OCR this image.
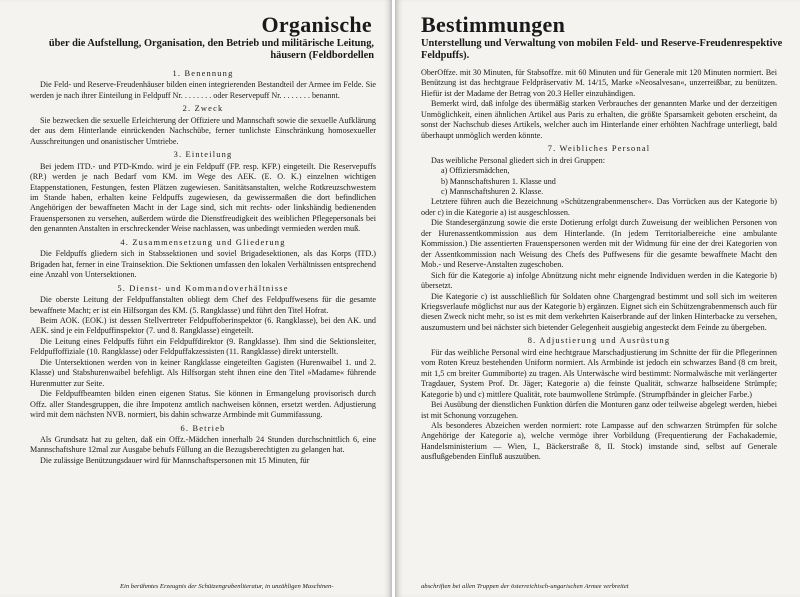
Organische
über die Aufstellung, Organisation, den Betrieb und militärische Leitung, häusern (Feldbordellen
1. Benennung

Die Feld- und Reserve-Freudenhäuser bilden einen integrierenden Bestandteil der Armee im Felde. Sie werden je nach ihrer Einteilung in Feldpuff Nr. . . . . . . . oder Reservepuff Nr. . . . . . . . benannt.

2. Zweck

Sie bezwecken die sexuelle Erleichterung der Offiziere und Mannschaft sowie die sexuelle Aufklärung der aus dem Hinterlande einrückenden Nachschübe, ferner tunlichste Einschränkung homosexueller Ausschreitungen und onanistischer Umtriebe.

3. Einteilung

Bei jedem ITD.- und PTD-Kmdo. wird je ein Feldpuff (FP. resp. KFP.) eingeteilt. Die Reservepuffs (RP.) werden je nach Bedarf vom KM. im Wege des AEK. (E. O. K.) einzelnen wichtigen Etappenstationen, Festungen, festen Plätzen zugewiesen. Sanitätsanstalten, welche Rotkreuzschwestern im Stande haben, erhalten keine Feldpuffs zugewiesen, da gewissermaßen die dort befindlichen Angehörigen der bewaffneten Macht in der Lage sind, sich mit rechts- oder linkshändig bedienenden Frauenspersonen zu versehen, außerdem würde die Dienstfreudigkeit des weiblichen Pflegepersonals bei den genannten Anstalten in erschreckender Weise nachlassen, was unbedingt vermieden werden muß.

4. Zusammensetzung und Gliederung

Die Feldpuffs gliedern sich in Stabssektionen und soviel Brigadesektionen, als das Korps (ITD.) Brigaden hat, ferner in eine Trainsektion. Die Sektionen umfassen den lokalen Verhältnissen entsprechend eine Anzahl von Untersektionen.

5. Dienst- und Kommandoverhältnisse

Die oberste Leitung der Feldpuffanstalten obliegt dem Chef des Feldpuffwesens für die gesamte bewaffnete Macht; er ist ein Hilfsorgan des KM. (5. Rangklasse) und führt den Titel Hofrat.

Beim AOK. (EOK.) ist dessen Stellvertreter Feldpuffoberinspektor (6. Rangklasse), bei den AK. und AEK. sind je ein Feldpuffinspektor (7. und 8. Rangklasse) eingeteilt.

Die Leitung eines Feldpuffs führt ein Feldpuffdirektor (9. Rangklasse). Ihm sind die Sektionsleiter, Feldpuffoffiziale (10. Rangklasse) oder Feldpuffakzessisten (11. Rangklasse) direkt unterstellt.

Die Untersektionen werden von in keiner Rangklasse eingeteilten Gagisten (Hurenwaibel 1. und 2. Klasse) und Stabshurenwaibel befehligt. Als Hilfsorgan steht ihnen eine den Titel »Madame« führende Hurenmutter zur Seite.

Die Feldpuffbeamten bilden einen eigenen Status. Sie können in Ermangelung provisorisch durch Offz. aller Standesgruppen, die ihre Impotenz amtlich nachweisen können, ersetzt werden. Adjustierung wird mit dem nächsten NVB. normiert, bis dahin schwarze Armbinde mit Gummifassung.

6. Betrieb

Als Grundsatz hat zu gelten, daß ein Offz.-Mädchen innerhalb 24 Stunden durchschnittlich 6, eine Mannschaftshure 12mal zur Ausgabe behufs Füllung an die Bezugsberechtigten zu gelangen hat.

Die zulässige Benützungsdauer wird für Mannschaftspersonen mit 15 Minuten, für

Ein berühmtes Erzeugnis der Schützengrabenliteratur, in unzähligen Maschinen-
Bestimmungen
Unterstellung und Verwaltung von mobilen Feld- und Reserve-Freudenrespektive Feldpuffs).

OberOffze. mit 30 Minuten, für Stabsoffze. mit 60 Minuten und für Generale mit 120 Minuten normiert. Bei Benützung ist das hechtgraue Feldpräservativ M. 14/15, Marke »Neosalvesan«, unzerreißbar, zu benützen. Hiefür ist der Madame der Betrag von 20.3 Heller einzuhändigen.

Bemerkt wird, daß infolge des übermäßig starken Verbrauches der genannten Marke und der derzeitigen Unmöglichkeit, einen ähnlichen Artikel aus Paris zu erhalten, die größte Sparsamkeit geboten erscheint, da sonst der Nachschub dieses Artikels, welcher auch im Hinterlande einer erhöhten Nachfrage unterliegt, bald überhaupt unmöglich werden könnte.

7. Weibliches Personal

Das weibliche Personal gliedert sich in drei Gruppen:

a) Offiziersmädchen,

b) Mannschaftshuren 1. Klasse und

c) Mannschaftshuren 2. Klasse.

Letztere führen auch die Bezeichnung »Schützengrabenmenscher«. Das Vorrücken aus der Kategorie b) oder c) in die Kategorie a) ist ausgeschlossen.

Die Standesergänzung sowie die erste Dotierung erfolgt durch Zuweisung der weiblichen Personen von der Hurenassentkommission aus dem Hinterlande. (In jedem Territorialbereiche eine ambulante Kommission.) Die assentierten Frauenspersonen werden mit der Widmung für eine der drei Kategorien von der Assentkommission nach Weisung des Chefs des Puffwesens für die gesamte bewaffnete Macht den Mob.- und Reserve-Anstalten zugeschoben.

Sich für die Kategorie a) infolge Abnützung nicht mehr eignende Individuen werden in die Kategorie b) übersetzt.

Die Kategorie c) ist ausschließlich für Soldaten ohne Chargengrad bestimmt und soll sich im weiteren Kriegsverlaufe möglichst nur aus der Kategorie b) ergänzen. Eignet sich ein Schützengrabenmensch auch für diesen Zweck nicht mehr, so ist es mit dem verkehrten Kaiserbrande auf der linken Hinterbacke zu versehen, auszumustern und bei nächster sich bietender Gelegenheit ausgiebig angesteckt dem Feinde zu übergeben.

8. Adjustierung und Ausrüstung

Für das weibliche Personal wird eine hechtgraue Marschadjustierung im Schnitte der für die Pflegerinnen vom Roten Kreuz bestehenden Uniform normiert. Als Armbinde ist jedoch ein schwarzes Band (8 cm breit, mit 1,5 cm breiter Gummiborte) zu tragen. Als Unterwäsche wird bestimmt: Normalwäsche mit verlängerter Tragdauer, System Prof. Dr. Jäger; Kategorie a) die feinste Qualität, schwarze halbseidene Strümpfe; Kategorie b) und c) mittlere Qualität, rote baumwollene Strümpfe. (Strumpfbänder in gleicher Farbe.)

Bei Ausübung der dienstlichen Funktion dürfen die Monturen ganz oder teilweise abgelegt werden, hiebei ist mit Schonung vorzugehen.

Als besonderes Abzeichen werden normiert: rote Lampasse auf den schwarzen Strümpfen für solche Angehörige der Kategorie a), welche vermöge ihrer Vorbildung (Frequentierung der Fachakademie, Handelsministerium — Wien, I., Bäckerstraße 8, II. Stock) imstande sind, selbst auf Generale ausflußgebenden Einfluß auszuüben.

abschriften bei allen Truppen der österreichisch-ungarischen Armee verbreitet
